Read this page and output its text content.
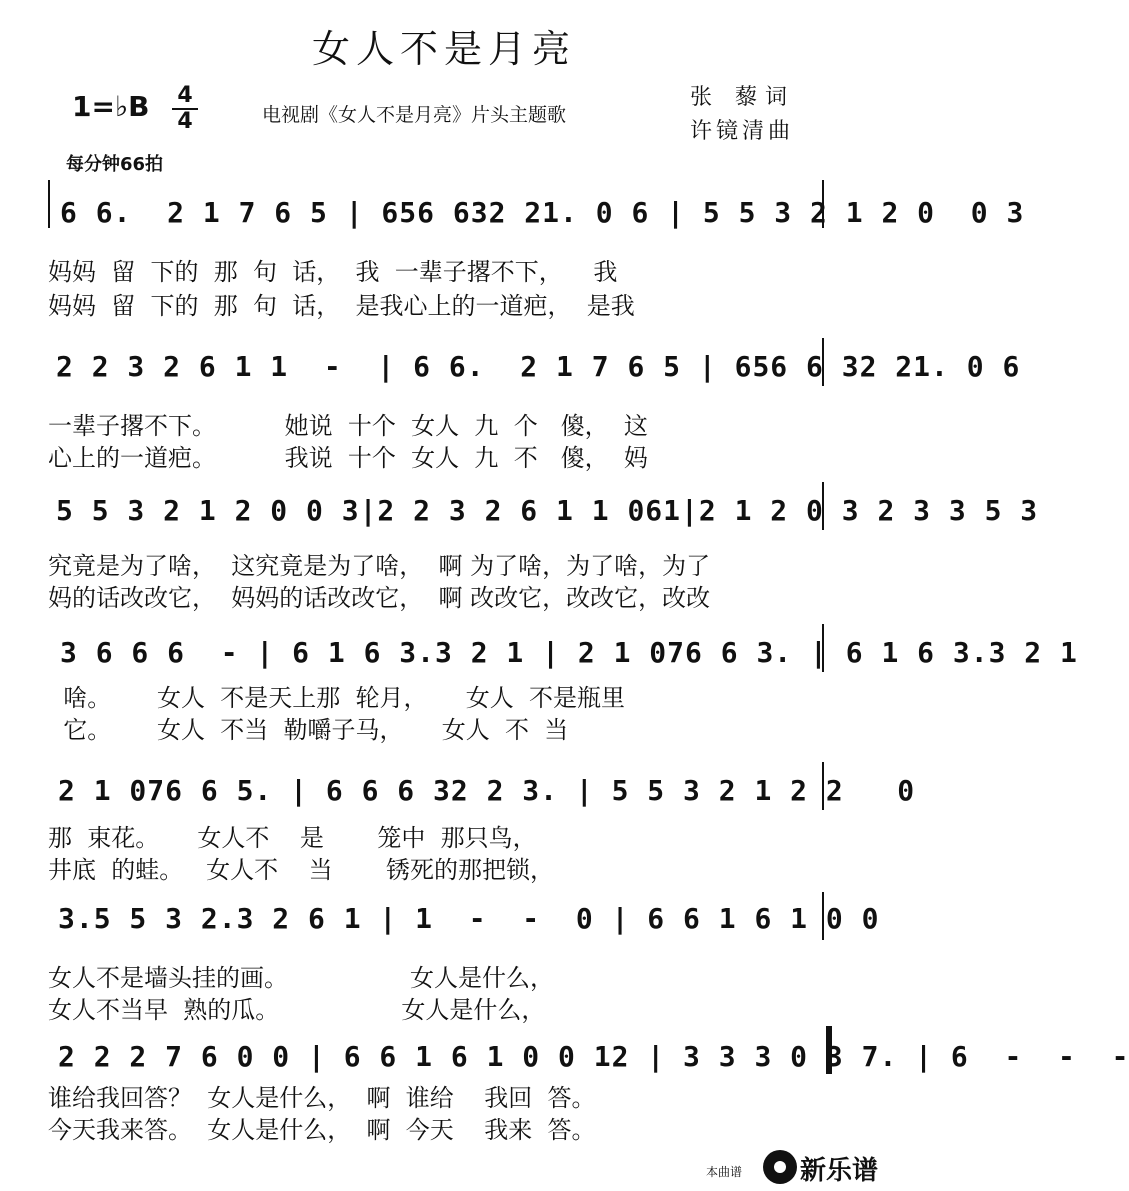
女人不是月亮
1=♭B 4
4	电视剧《女人不是月亮》片头主题歌
张 藜词
许镜清曲
每分钟66拍
6 6.  2 1 7 6 5 | 656 632 21. 0 6 | 5 5 3 2 1 2 0  0 3
妈妈  留  下的  那  句  话，  我  一辈子撂不下，    我
妈妈  留  下的  那  句  话，  是我心上的一道疤，  是我
2 2 3 2 6 1 1  -  | 6 6.  2 1 7 6 5 | 656 6 32 21. 0 6
一辈子撂不下。         她说  十个  女人  九  个   傻，  这
心上的一道疤。         我说  十个  女人  九  不   傻，  妈
5 5 3 2 1 2 0 0 3|2 2 3 2 6 1 1 061|2 1 2 0 3 2 3 3 5 3
究竟是为了啥，  这究竟是为了啥，  啊 为了啥，为了啥，为了
妈的话改改它，  妈妈的话改改它，  啊 改改它，改改它，改改
3 6 6 6  - | 6 1 6 3.3 2 1 | 2 1 076 6 3. | 6 1 6 3.3 2 1
啥。      女人  不是天上那  轮月，     女人  不是瓶里
它。      女人  不当  勒嚼子马，     女人  不  当
2 1 076 6 5. | 6 6 6 32 2 3. | 5 5 3 2 1 2 2   0
那  束花。     女人不    是       笼中  那只鸟，
井底  的蛙。   女人不    当       锈死的那把锁，
3.5 5 3 2.3 2 6 1 | 1  -  -  0 | 6 6 1 6 1 0 0
女人不是墙头挂的画。                女人是什么，
女人不当早  熟的瓜。                女人是什么，
2 2 2 7 6 0 0 | 6 6 1 6 1 0 0 12 | 3 3 3 0 3 7. | 6  -  -  -
谁给我回答？  女人是什么，  啊  谁给    我回  答。
今天我来答。  女人是什么，  啊  今天    我来  答。
本曲谱 新乐谱
